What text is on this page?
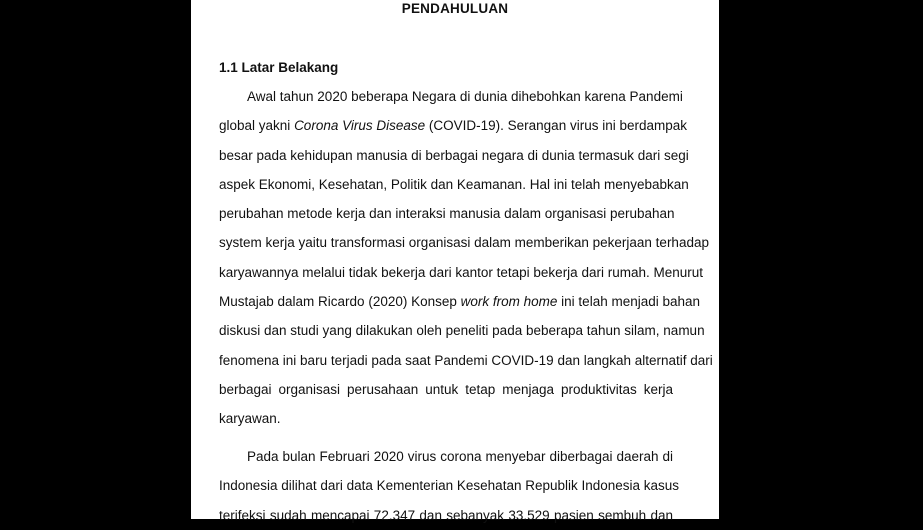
PENDAHULUAN
1.1 Latar Belakang
Awal tahun 2020 beberapa Negara di dunia dihebohkan karena Pandemi
global yakni Corona Virus Disease (COVID-19). Serangan virus ini berdampak
besar pada kehidupan manusia di berbagai negara di dunia termasuk dari segi
aspek Ekonomi, Kesehatan, Politik dan Keamanan. Hal ini telah menyebabkan
perubahan metode kerja dan interaksi manusia dalam organisasi perubahan
system kerja yaitu transformasi organisasi dalam memberikan pekerjaan terhadap
karyawannya melalui tidak bekerja dari kantor tetapi bekerja dari rumah. Menurut
Mustajab dalam Ricardo (2020) Konsep work from home ini telah menjadi bahan
diskusi dan studi yang dilakukan oleh peneliti pada beberapa tahun silam, namun
fenomena ini baru terjadi pada saat Pandemi COVID-19 dan langkah alternatif dari
berbagai organisasi perusahaan untuk tetap menjaga produktivitas kerja
karyawan.
Pada bulan Februari 2020 virus corona menyebar diberbagai daerah di
Indonesia dilihat dari data Kementerian Kesehatan Republik Indonesia kasus
terifeksi sudah mencapai 72.347 dan sebanyak 33.529 pasien sembuh dan
